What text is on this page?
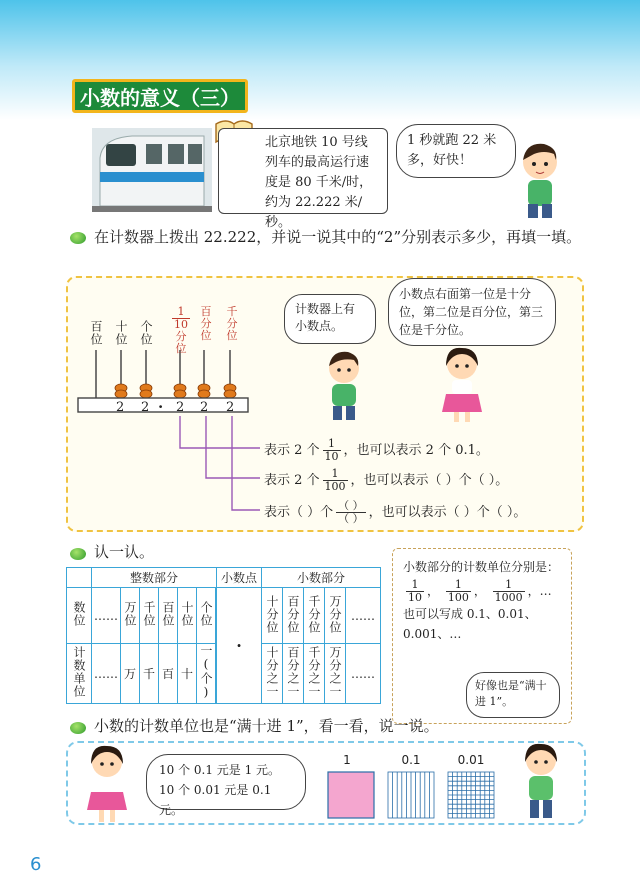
小数的意义（三）
北京地铁 10 号线列车的最高运行速度是 80 千米/时，约为 22.222 米/秒。
1 秒就跑 22 米多，好快！
在计数器上拨出 22.222，并说一说其中的“2”分别表示多少，再填一填。
百位 十位 个位
1

10
分
位
百
分
位
千
分
位
2 2 · 2 2 2
表示 2 个 $\frac{1}{10}$ ，也可以表示 2 个 0.1。
表示 2 个 $\frac{1}{100}$ ，也可以表示（ ）个（ ）。
表示（ ）个 $\frac{( )}{( )}$ ，也可以表示（ ）个（ ）。
计数器上有小数点。
小数点右面第一位是十分位，第二位是百分位，第三位是千分位。
认一认。
	整数部分						小数点	小数部分				
数位	……	万位	千位	百位	十位	个位		·	十分位	百分位	千分位	万分位	……
计数单位	……	万	千	百	十	一(个)		十分之一	百分之一	千分之一	万分之一	……
小数部分的计数单位分别是：
$\frac{1}{10}$ ， $\frac{1}{100}$ ， $\frac{1}{1000}$ ，…
也可以写成 0.1、0.01、0.001、…
好像也是“满十进 1”。
小数的计数单位也是“满十进 1”，看一看，说一说。
10 个 0.1 元是 1 元。
10 个 0.01 元是 0.1 元。
1	0.1	0.01
6
